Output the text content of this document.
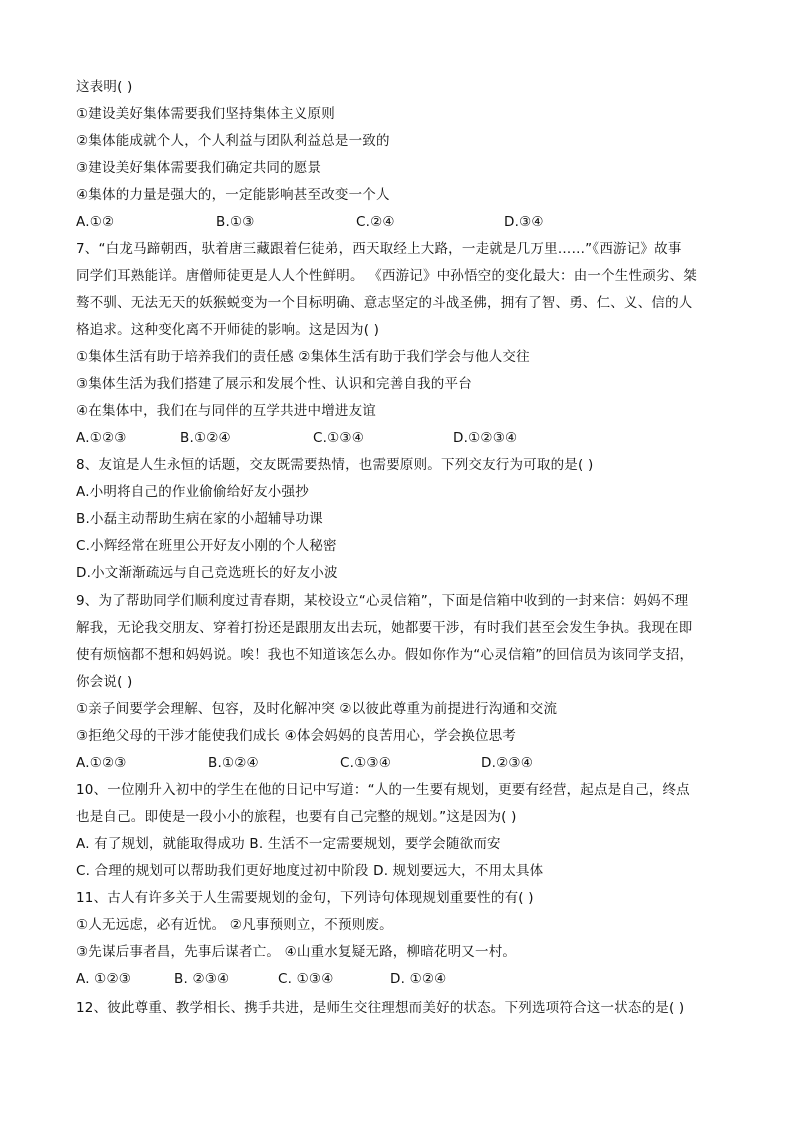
这表明( )
①建设美好集体需要我们坚持集体主义原则
②集体能成就个人，个人利益与团队利益总是一致的
③建设美好集体需要我们确定共同的愿景
④集体的力量是强大的，一定能影响甚至改变一个人
A.①②	B.①③	C.②④	D.③④
7、“白龙马蹄朝西，驮着唐三藏跟着仨徒弟，西天取经上大路，一走就是几万里……”《西游记》故事
同学们耳熟能详。唐僧师徒更是人人个性鲜明。 《西游记》中孙悟空的变化最大：由一个生性顽劣、桀
骜不驯、无法无天的妖猴蜕变为一个目标明确、意志坚定的斗战圣佛，拥有了智、勇、仁、义、信的人
格追求。这种变化离不开师徒的影响。这是因为( )
①集体生活有助于培养我们的责任感 ②集体生活有助于我们学会与他人交往
③集体生活为我们搭建了展示和发展个性、认识和完善自我的平台
④在集体中，我们在与同伴的互学共进中增进友谊
A.①②③	B.①②④	C.①③④	D.①②③④
8、友谊是人生永恒的话题，交友既需要热情，也需要原则。下列交友行为可取的是( )
A.小明将自己的作业偷偷给好友小强抄
B.小磊主动帮助生病在家的小超辅导功课
C.小辉经常在班里公开好友小刚的个人秘密
D.小文渐渐疏远与自己竞选班长的好友小波
9、为了帮助同学们顺利度过青春期，某校设立“心灵信箱”，下面是信箱中收到的一封来信：妈妈不理
解我，无论我交朋友、穿着打扮还是跟朋友出去玩，她都要干涉，有时我们甚至会发生争执。我现在即
使有烦恼都不想和妈妈说。唉！我也不知道该怎么办。假如你作为“心灵信箱”的回信员为该同学支招，
你会说( )
①亲子间要学会理解、包容，及时化解冲突 ②以彼此尊重为前提进行沟通和交流
③拒绝父母的干涉才能使我们成长 ④体会妈妈的良苦用心，学会换位思考
A.①②③	B.①②④	C.①③④	D.②③④
10、一位刚升入初中的学生在他的日记中写道：“人的一生要有规划，更要有经营，起点是自己，终点
也是自己。即使是一段小小的旅程，也要有自己完整的规划。”这是因为( )
A. 有了规划，就能取得成功 B. 生活不一定需要规划，要学会随欲而安
C. 合理的规划可以帮助我们更好地度过初中阶段 D. 规划要远大，不用太具体
11、古人有许多关于人生需要规划的金句，下列诗句体现规划重要性的有( )
①人无远虑，必有近忧。 ②凡事预则立，不预则废。
③先谋后事者昌，先事后谋者亡。 ④山重水复疑无路，柳暗花明又一村。
A. ①②③	B. ②③④	C. ①③④	D. ①②④
12、彼此尊重、教学相长、携手共进，是师生交往理想而美好的状态。下列选项符合这一状态的是( )
